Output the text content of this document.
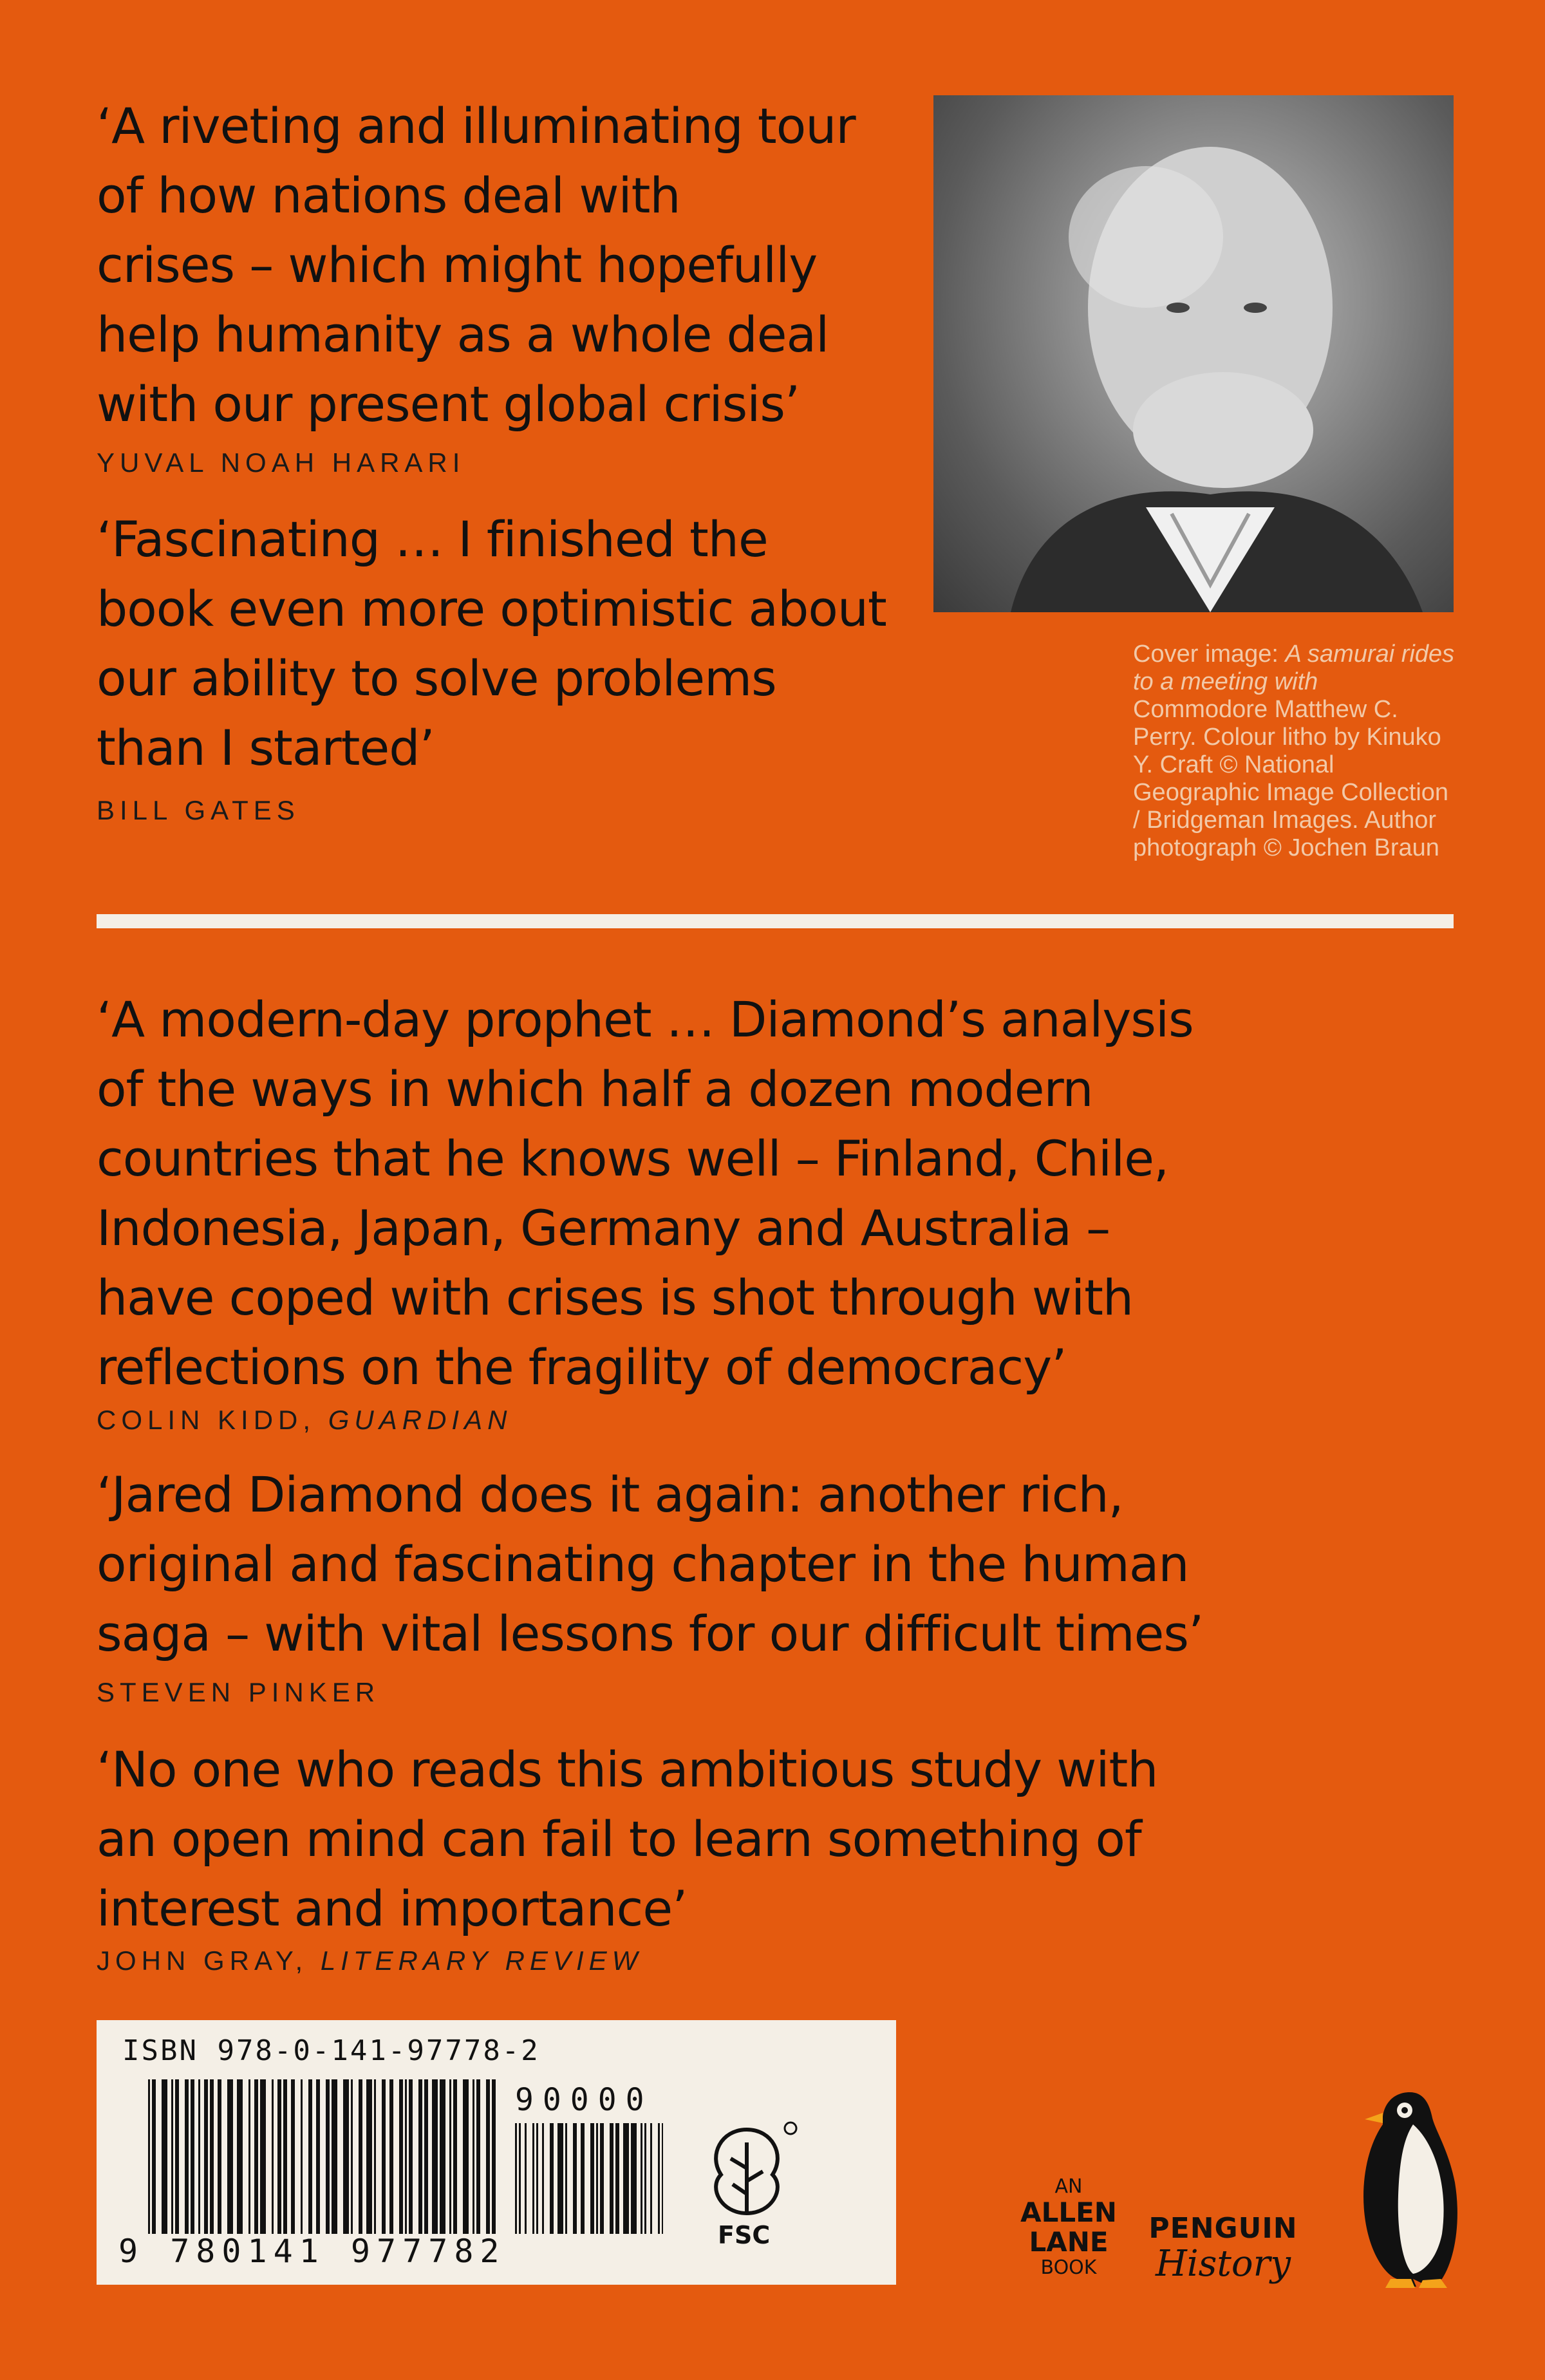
‘A riveting and illuminating tour
of how nations deal with
crises – which might hopefully
help humanity as a whole deal
with our present global crisis’

YUVAL NOAH HARARI

‘Fascinating … I finished the
book even more optimistic about
our ability to solve problems
than I started’

BILL GATES

Cover image: A samurai rides to a meeting with Commodore Matthew C. Perry. Colour litho by Kinuko Y. Craft © National Geographic Image Collection / Bridgeman Images. Author photograph © Jochen Braun

‘A modern-day prophet … Diamond’s analysis
of the ways in which half a dozen modern
countries that he knows well – Finland, Chile,
Indonesia, Japan, Germany and Australia –
have coped with crises is shot through with
reflections on the fragility of democracy’

COLIN KIDD, GUARDIAN

‘Jared Diamond does it again: another rich,
original and fascinating chapter in the human
saga – with vital lessons for our difficult times’

STEVEN PINKER

‘No one who reads this ambitious study with
an open mind can fail to learn something of
interest and importance’

JOHN GRAY, LITERARY REVIEW

ISBN 978-0-141-97778-2

9 780141 977782

90000

FSC

AN
ALLEN
LANE
BOOK

PENGUIN
History
